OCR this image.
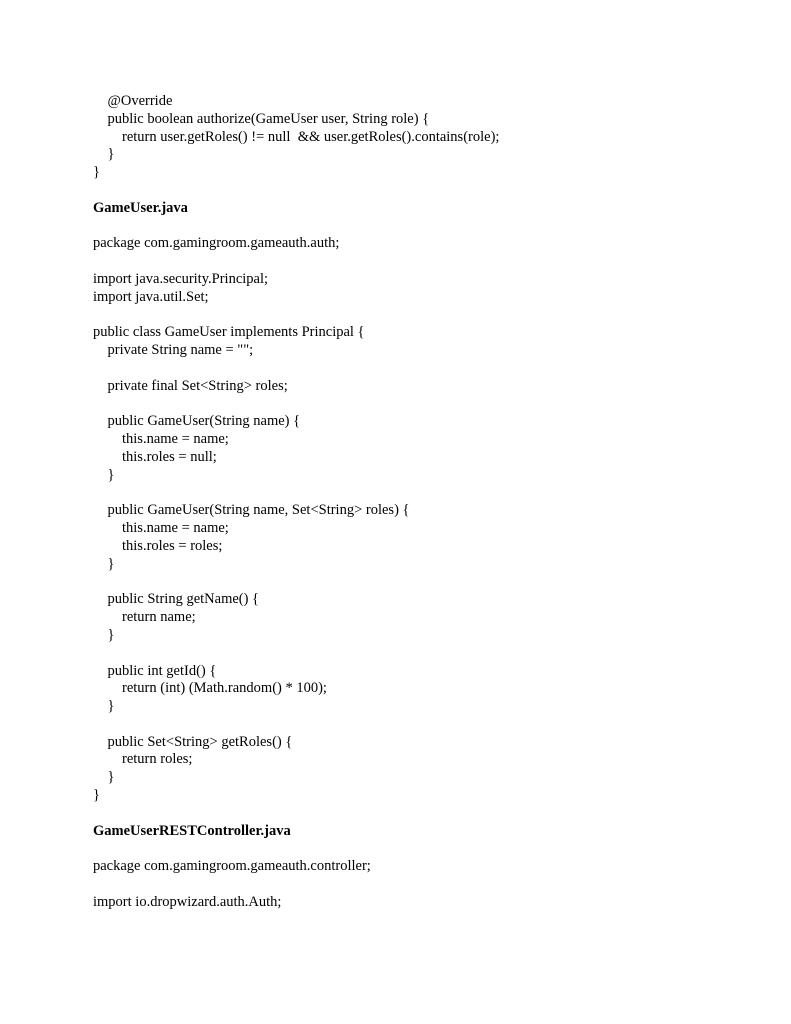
@Override
public boolean authorize(GameUser user, String role) {
return user.getRoles() != null  && user.getRoles().contains(role);
}
}
GameUser.java
package com.gamingroom.gameauth.auth;
import java.security.Principal;
import java.util.Set;
public class GameUser implements Principal {
private String name = "";
private final Set<String> roles;
public GameUser(String name) {
this.name = name;
this.roles = null;
}
public GameUser(String name, Set<String> roles) {
this.name = name;
this.roles = roles;
}
public String getName() {
return name;
}
public int getId() {
return (int) (Math.random() * 100);
}
public Set<String> getRoles() {
return roles;
}
}
GameUserRESTController.java
package com.gamingroom.gameauth.controller;
import io.dropwizard.auth.Auth;
